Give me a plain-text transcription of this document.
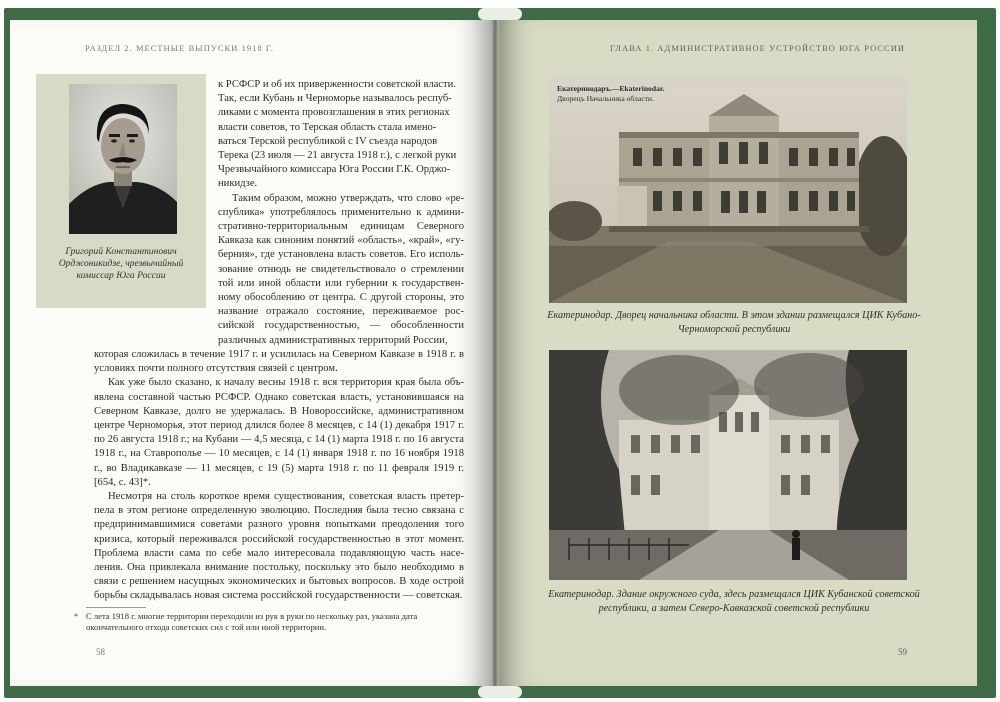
РАЗДЕЛ 2. МЕСТНЫЕ ВЫПУСКИ 1918 Г.
Григорий Константинович Орджоникидзе, чрезвычайный комиссар Юга России
к РСФСР и об их приверженности советской власти.
Так, если Кубань и Черноморье называлось респуб-
ликами с момента провозглашения в этих регионах
власти советов, то Терская область стала имено-
ваться Терской республикой с IV съезда народов
Терека (23 июля — 21 августа 1918 г.), с легкой руки
Чрезвычайного комиссара Юга России Г.К. Орджо-
никидзе.

Таким образом, можно утверждать, что слово «ре-спублика» употреблялось применительно к админи-стративно-территориальным единицам Северного Кавказа как синоним понятий «область», «край», «гу-берния», где установлена власть советов. Его исполь-зование отнюдь не свидетельствовало о стремлении той или иной области или губернии к государствен-ному обособлению от центра. С другой стороны, это название отражало состояние, переживаемое рос-сийской государственностью, — обособленности различных административных территорий России,

которая сложилась в течение 1917 г. и усилилась на Северном Кавказе в 1918 г. в условиях почти полного отсутствия связей с центром.

Как уже было сказано, к началу весны 1918 г. вся территория края была объ-явлена составной частью РСФСР. Однако советская власть, установившаяся на Северном Кавказе, долго не удержалась. В Новороссийске, административном центре Черноморья, этот период длился более 8 месяцев, с 14 (1) декабря 1917 г. по 26 августа 1918 г.; на Кубани — 4,5 месяца, с 14 (1) марта 1918 г. по 16 августа 1918 г., на Ставрополье — 10 месяцев, с 14 (1) января 1918 г. по 16 ноября 1918 г., во Владикавказе — 11 месяцев, с 19 (5) марта 1918 г. по 11 февраля 1919 г. [654, с. 43]*.

Несмотря на столь короткое время существования, советская власть претер-пела в этом регионе определенную эволюцию. Последняя была тесно связана с предпринимавшимися советами разного уровня попытками преодоления того кризиса, который переживался российской государственностью в этот момент. Проблема власти сама по себе мало интересовала подавляющую часть насе-ления. Она привлекала внимание постольку, поскольку это было необходимо в связи с решением насущных экономических и бытовых вопросов. В ходе острой борьбы складывалась новая система российской государственности — советская.

* С лета 1918 г. многие территории переходили из рук в руки по нескольку раз, указана дата окончательного отхода советских сил с той или иной территории.
58
ГЛАВА 1. АДМИНИСТРАТИВНОЕ УСТРОЙСТВО ЮГА РОССИИ
Екатеринодаръ.—Ekaterinodar.
Дворецъ Начальника области.
Екатеринодар. Дворец начальника области. В этом здании размещался ЦИК Кубано-Черноморской республики
Екатеринодар. Здание окружного суда, здесь размещался ЦИК Кубанской советской республики, а затем Северо-Кавказской советской республики
59
